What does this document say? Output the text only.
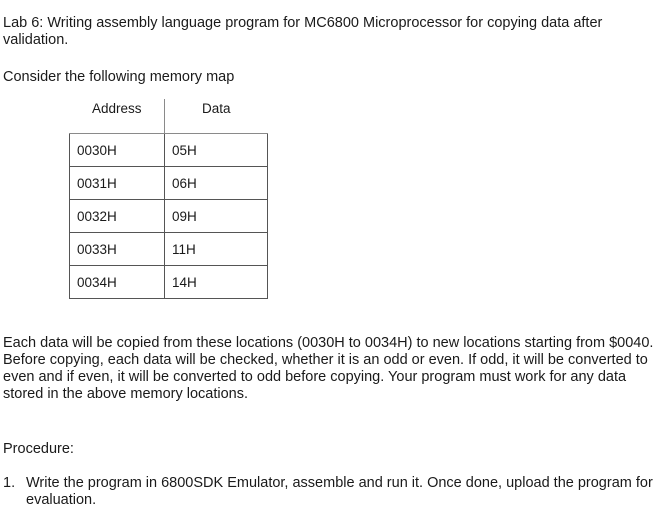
Lab 6: Writing assembly language program for MC6800 Microprocessor for copying data after validation.
Consider the following memory map
Address	Data
0030H	05H
0031H	06H
0032H	09H
0033H	11H
0034H	14H
Each data will be copied from these locations (0030H to 0034H) to new locations starting from $0040. Before copying, each data will be checked, whether it is an odd or even. If odd, it will be converted to even and if even, it will be converted to odd before copying. Your program must work for any data stored in the above memory locations.
Procedure:
1. Write the program in 6800SDK Emulator, assemble and run it. Once done, upload the program for evaluation.
